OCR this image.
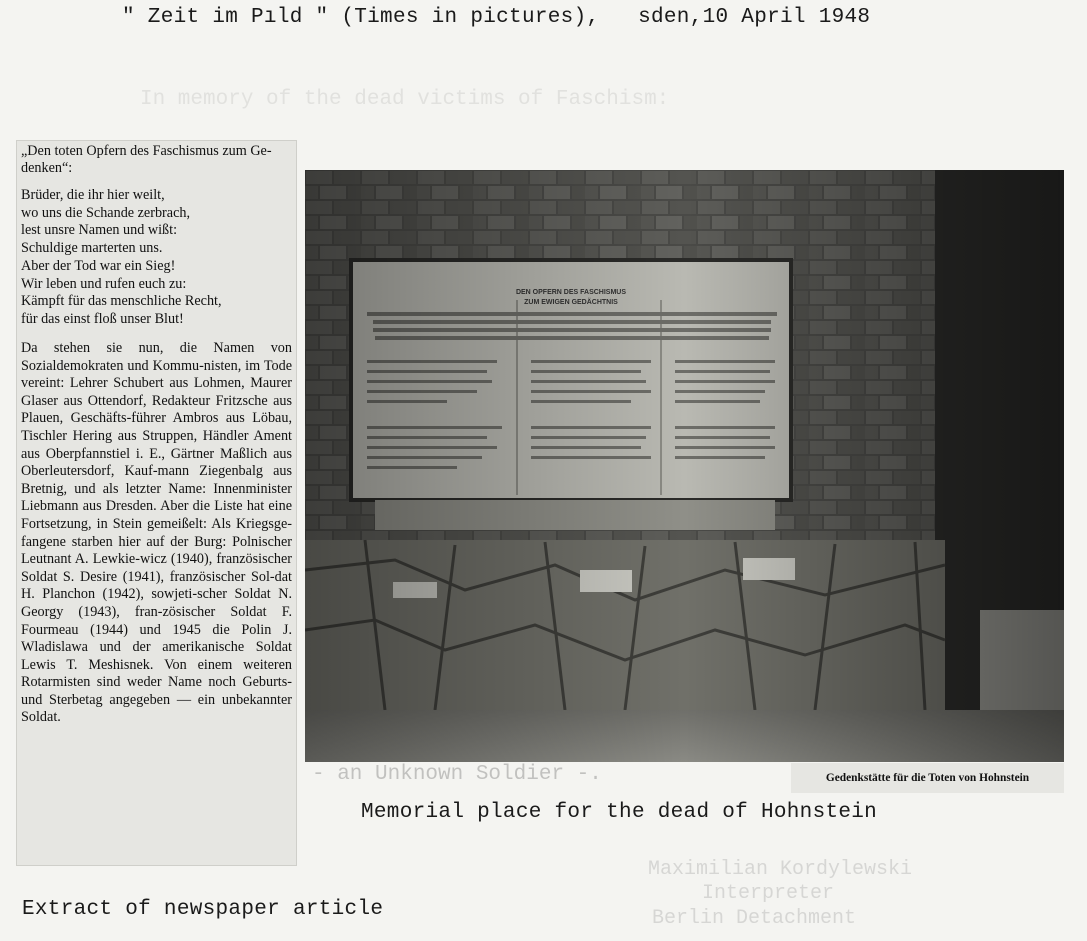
In memory of the dead victims of Faschism:
- an Unknown Soldier -.
Maximilian Kordylewski
Interpreter
Berlin Detachment
" Zeit im Pıld " (Times in pictures),   sden,10 April 1948
„Den toten Opfern des Faschismus zum Ge-denken“:
Brüder, die ihr hier weilt,
wo uns die Schande zerbrach,
lest unsre Namen und wißt:
Schuldige marterten uns.
Aber der Tod war ein Sieg!
Wir leben und rufen euch zu:
Kämpft für das menschliche Recht,
für das einst floß unser Blut!
Da stehen sie nun, die Namen von Sozialdemokraten und Kommu-nisten, im Tode vereint: Lehrer Schubert aus Lohmen, Maurer Glaser aus Ottendorf, Redakteur Fritzsche aus Plauen, Geschäfts-führer Ambros aus Löbau, Tischler Hering aus Struppen, Händler Ament aus Oberpfannstiel i. E., Gärtner Maßlich aus Oberleutersdorf, Kauf-mann Ziegenbalg aus Bretnig, und als letzter Name: Innenminister Liebmann aus Dresden. Aber die Liste hat eine Fortsetzung, in Stein gemeißelt: Als Kriegsge-fangene starben hier auf der Burg: Polnischer Leutnant A. Lewkie-wicz (1940), französischer Soldat S. Desire (1941), französischer Sol-dat H. Planchon (1942), sowjeti-scher Soldat N. Georgy (1943), fran-zösischer Soldat F. Fourmeau (1944) und 1945 die Polin J. Wladislawa und der amerikanische Soldat Lewis T. Meshisnek. Von einem weiteren Rotarmisten sind weder Name noch Geburts- und Sterbetag angegeben — ein unbekannter Soldat.
Gedenkstätte für die Toten von Hohnstein
Memorial place for the dead of Hohnstein
Extract of newspaper article
